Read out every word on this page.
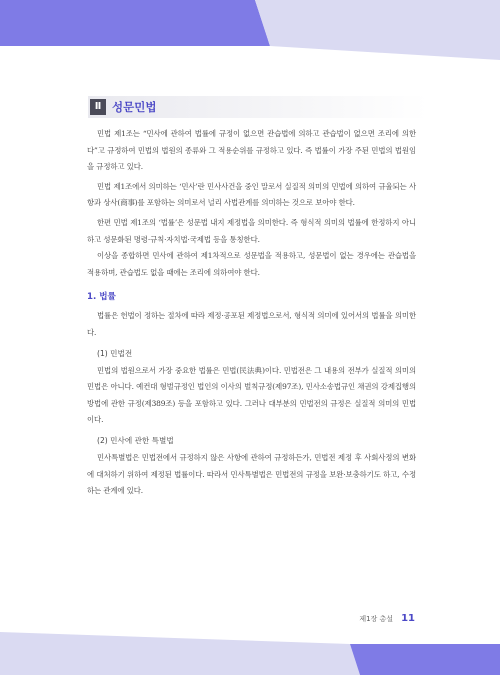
Ⅱ 성문민법

민법 제1조는 “민사에 관하여 법률에 규정이 없으면 관습법에 의하고 관습법이 없으면 조리에 의한다”고 규정하여 민법의 법원의 종류와 그 적용순위를 규정하고 있다. 즉 법률이 가장 주된 민법의 법원임을 규정하고 있다.

민법 제1조에서 의미하는 ‘민사’란 민사사건을 중인 말로서 실질적 의미의 민법에 의하여 규율되는 사항과 상사(商事)를 포함하는 의미로서 널리 사법관계를 의미하는 것으로 보아야 한다.

한편 민법 제1조의 ‘법률’은 성문법 내지 제정법을 의미한다. 즉 형식적 의미의 법률에 한정하지 아니하고 성문화된 명령·규칙·자치법·국제법 등을 통칭한다.

이상을 종합하면 민사에 관하여 제1차적으로 성문법을 적용하고, 성문법이 없는 경우에는 관습법을 적용하며, 관습법도 없을 때에는 조리에 의하여야 한다.

1. 법률

법률은 헌법이 정하는 절차에 따라 제정·공포된 제정법으로서, 형식적 의미에 있어서의 법률을 의미한다.

(1) 민법전

민법의 법원으로서 가장 중요한 법률은 민법(民法典)이다. 민법전은 그 내용의 전부가 실질적 의미의 민법은 아니다. 예컨대 형벌규정인 법인의 이사의 벌칙규정(제97조), 민사소송법규인 채권의 강제집행의 방법에 관한 규정(제389조) 등을 포함하고 있다. 그러나 대부분의 민법전의 규정은 실질적 의미의 민법이다.

(2) 민사에 관한 특별법

민사특별법은 민법전에서 규정하지 않은 사항에 관하여 규정하든가, 민법전 제정 후 사회사정의 변화에 대처하기 위하여 제정된 법률이다. 따라서 민사특별법은 민법전의 규정을 보완·보충하기도 하고, 수정하는 관계에 있다.

제1장 총설 11
